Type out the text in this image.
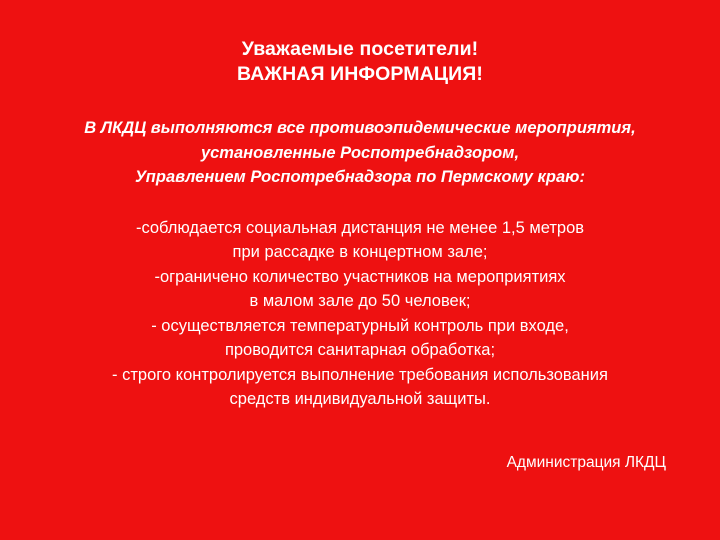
Уважаемые посетители!
ВАЖНАЯ ИНФОРМАЦИЯ!
В ЛКДЦ выполняются все противоэпидемические мероприятия,
установленные Роспотребнадзором,
Управлением Роспотребнадзора по Пермскому краю:
-соблюдается социальная дистанция не менее 1,5 метров
при рассадке в концертном зале;
-ограничено количество участников на мероприятиях
в малом зале до 50 человек;
- осуществляется температурный контроль при входе,
проводится санитарная обработка;
- строго контролируется выполнение требования использования
средств индивидуальной защиты.
Администрация ЛКДЦ
